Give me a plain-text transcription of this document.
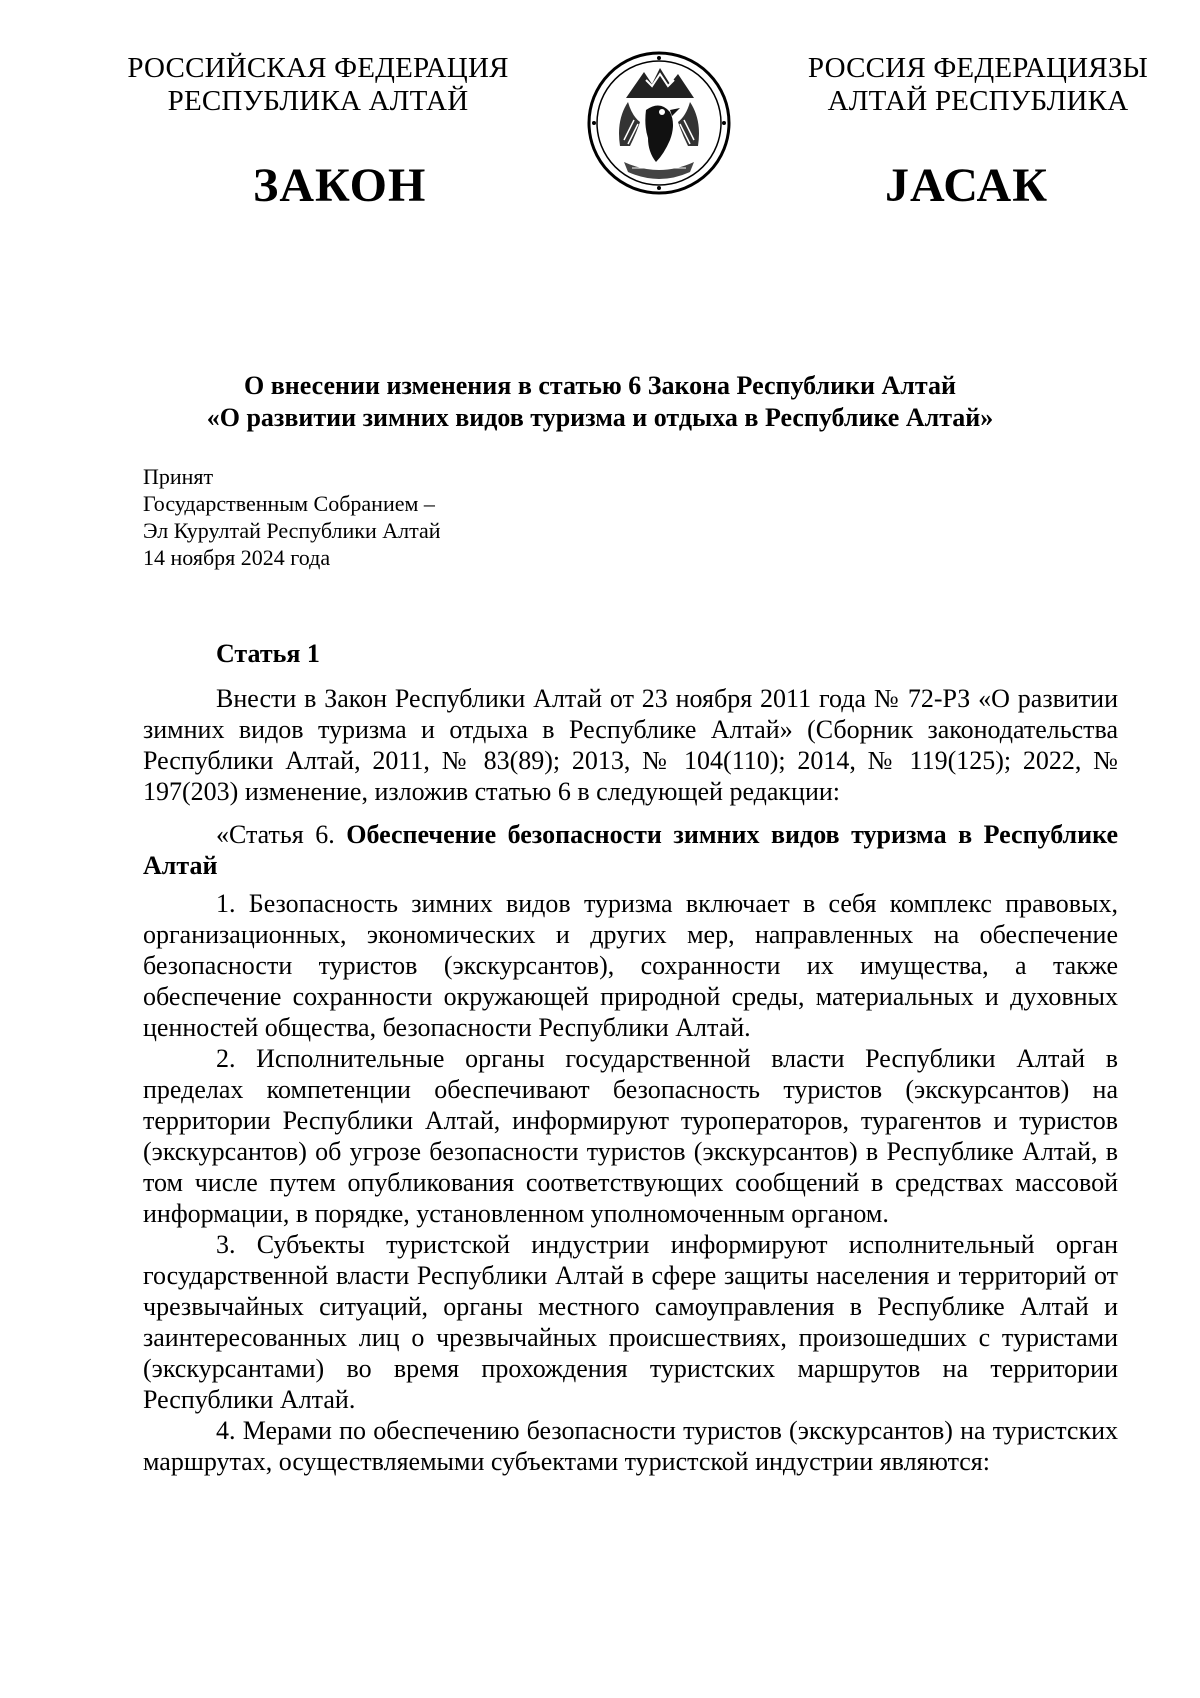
РОССИЙСКАЯ ФЕДЕРАЦИЯ
РЕСПУБЛИКА АЛТАЙ
РОССИЯ ФЕДЕРАЦИЯЗЫ
АЛТАЙ РЕСПУБЛИКА
ЗАКОН	ЈАСАК
О внесении изменения в статью 6 Закона Республики Алтай
«О развитии зимних видов туризма и отдыха в Республике Алтай»
Принят
Государственным Собранием –
Эл Курултай Республики Алтай
14 ноября 2024 года
Статья 1

Внести в Закон Республики Алтай от 23 ноября 2011 года № 72-РЗ «О развитии зимних видов туризма и отдыха в Республике Алтай» (Сборник законодательства Республики Алтай, 2011, № 83(89); 2013, № 104(110); 2014, № 119(125); 2022, № 197(203) изменение, изложив статью 6 в следующей редакции:

«Статья 6. Обеспечение безопасности зимних видов туризма в Республике Алтай

1. Безопасность зимних видов туризма включает в себя комплекс правовых, организационных, экономических и других мер, направленных на обеспечение безопасности туристов (экскурсантов), сохранности их имущества, а также обеспечение сохранности окружающей природной среды, материальных и духовных ценностей общества, безопасности Республики Алтай.

2. Исполнительные органы государственной власти Республики Алтай в пределах компетенции обеспечивают безопасность туристов (экскурсантов) на территории Республики Алтай, информируют туроператоров, турагентов и туристов (экскурсантов) об угрозе безопасности туристов (экскурсантов) в Республике Алтай, в том числе путем опубликования соответствующих сообщений в средствах массовой информации, в порядке, установленном уполномоченным органом.

3. Субъекты туристской индустрии информируют исполнительный орган государственной власти Республики Алтай в сфере защиты населения и территорий от чрезвычайных ситуаций, органы местного самоуправления в Республике Алтай и заинтересованных лиц о чрезвычайных происшествиях, произошедших с туристами (экскурсантами) во время прохождения туристских маршрутов на территории Республики Алтай.

4. Мерами по обеспечению безопасности туристов (экскурсантов) на туристских маршрутах, осуществляемыми субъектами туристской индустрии являются:
